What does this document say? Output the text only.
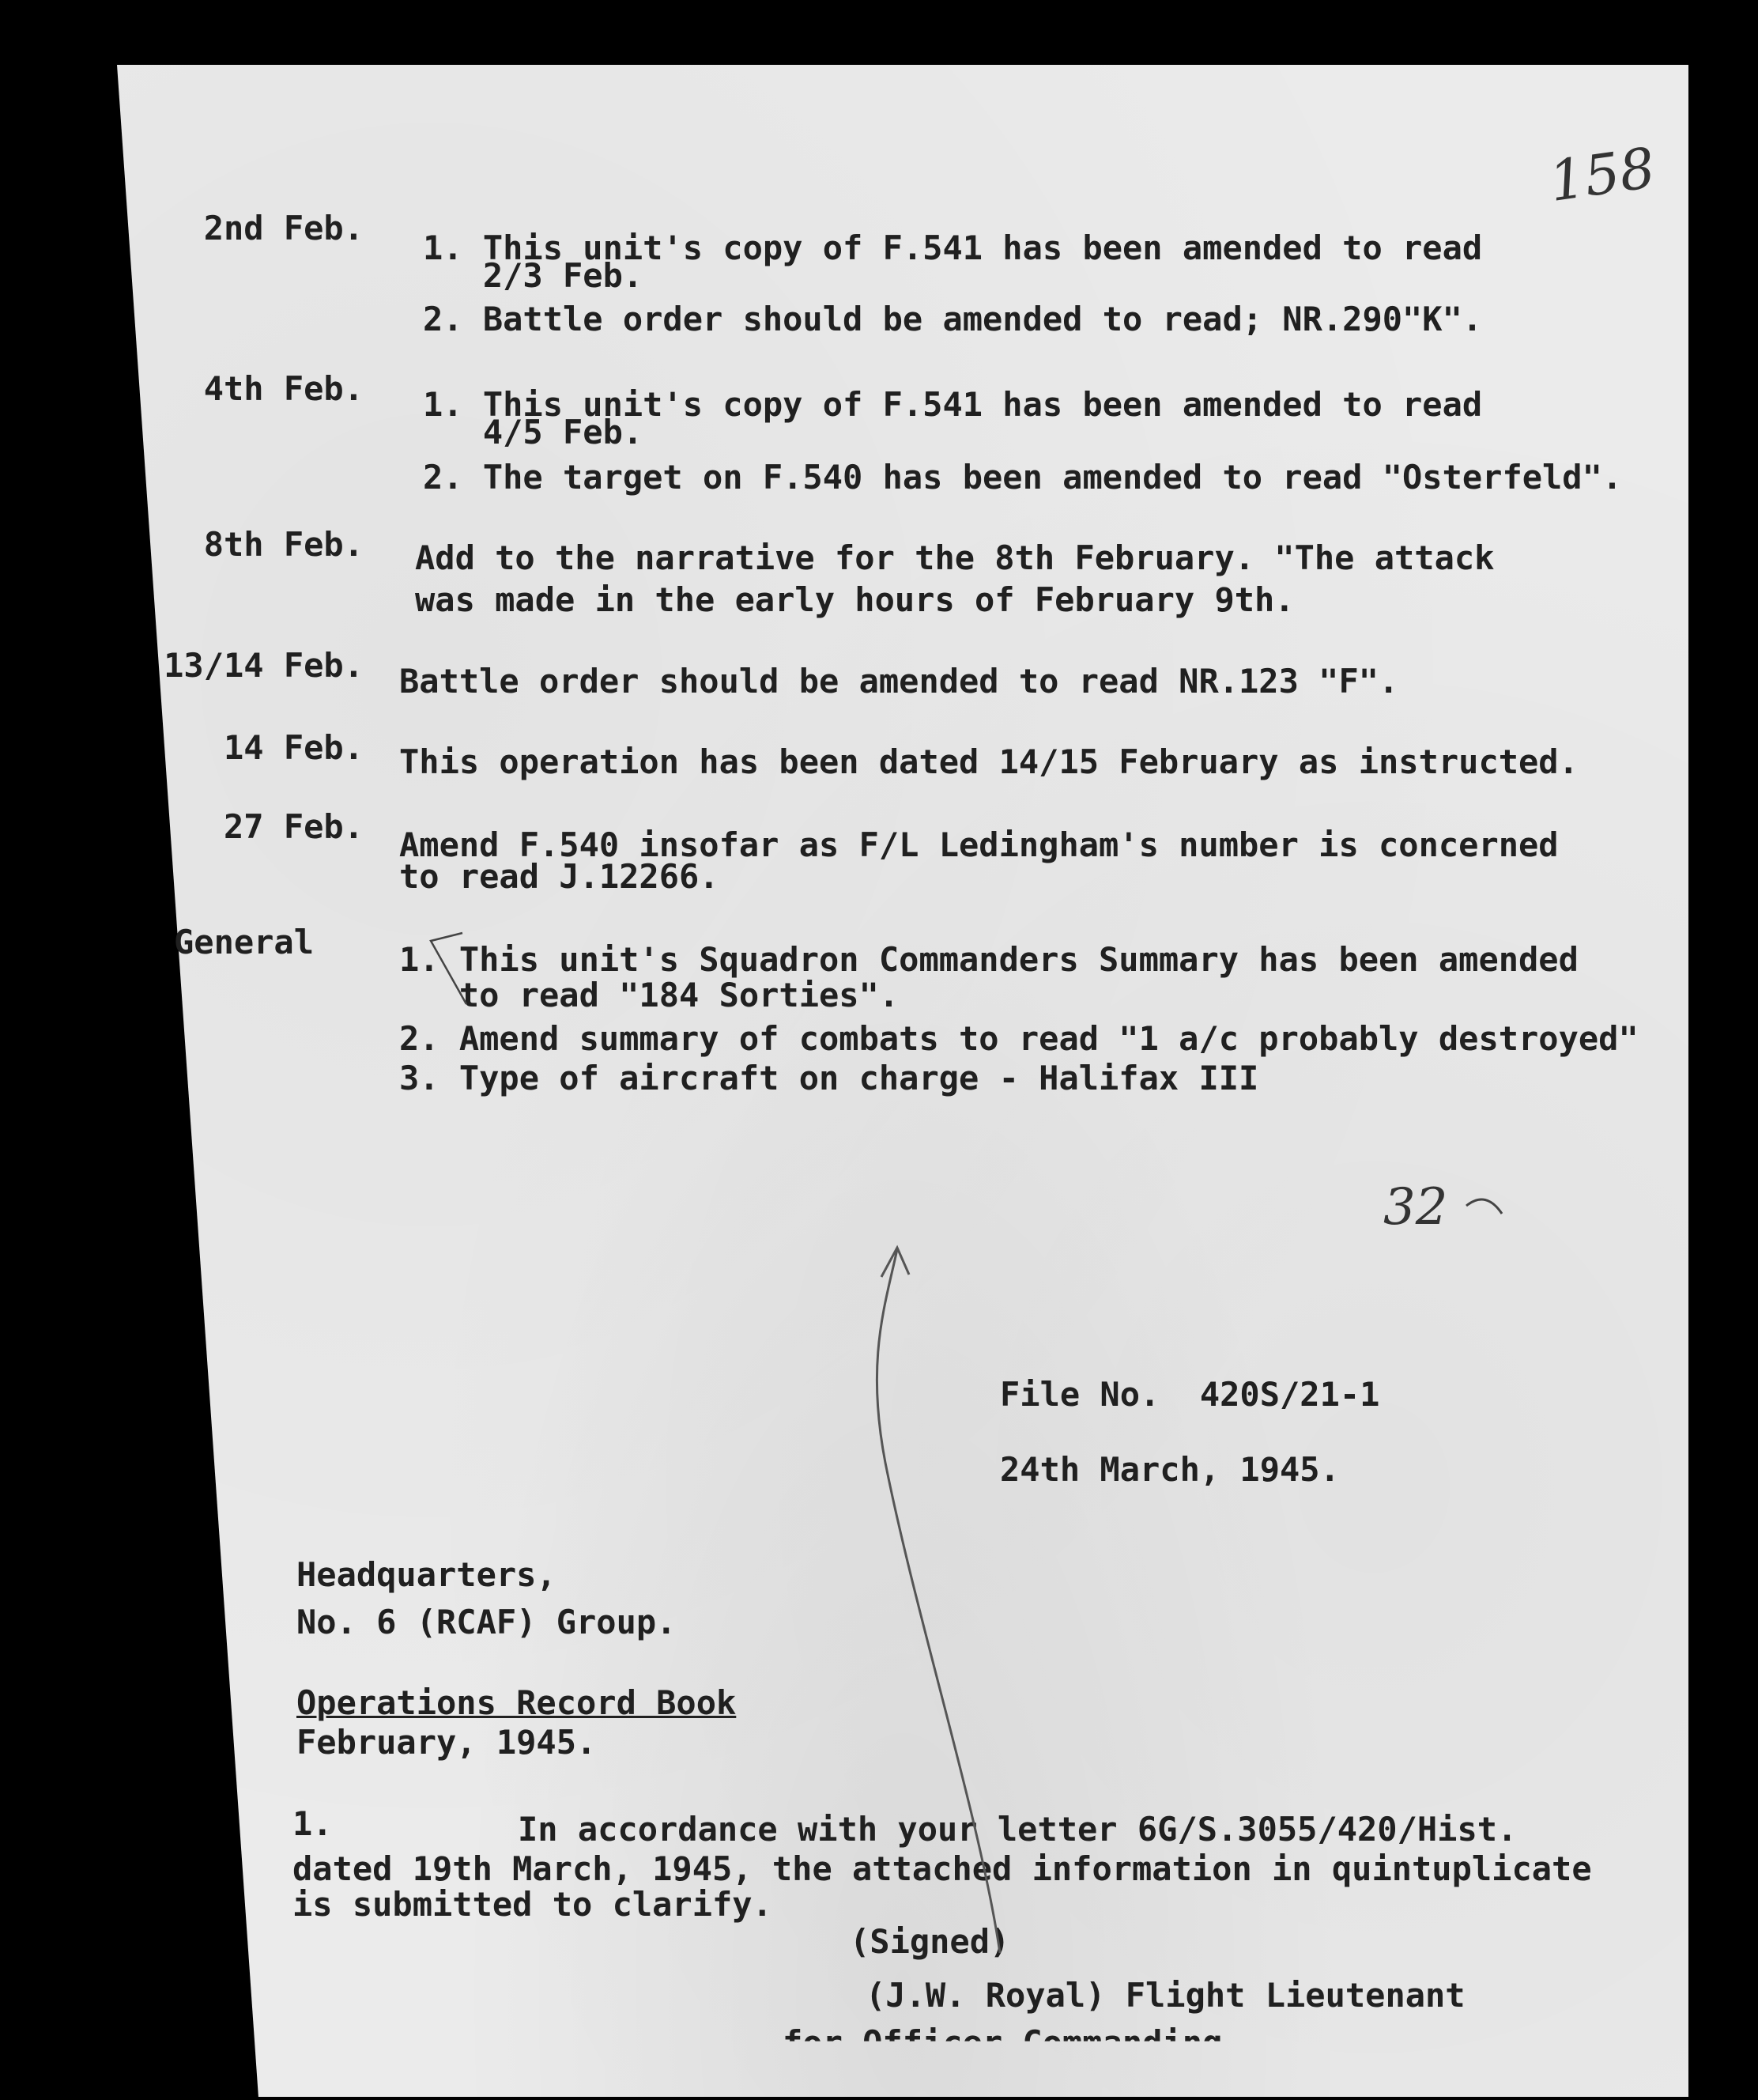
158
2nd Feb.
1. This unit's copy of F.541 has been amended to read
2/3 Feb.
2. Battle order should be amended to read; NR.290"K".
4th Feb. 1. This unit's copy of F.541 has been amended to read
4/5 Feb.
2. The target on F.540 has been amended to read "Osterfeld".
8th Feb. Add to the narrative for the 8th February. "The attack
was made in the early hours of February 9th.
13/14 Feb. Battle order should be amended to read NR.123 "F".
14 Feb. This operation has been dated 14/15 February as instructed.
27 Feb. Amend F.540 insofar as F/L Ledingham's number is concerned
to read J.12266.
General	1. This unit's Squadron Commanders Summary has been amended
to read "184 Sorties".
2. Amend summary of combats to read "1 a/c probably destroyed"
3. Type of aircraft on charge - Halifax III
32
File No.  420S/21-1
24th March, 1945.
Headquarters,
No. 6 (RCAF) Group.
Operations Record Book
February, 1945.
1.	In accordance with your letter 6G/S.3055/420/Hist.
dated 19th March, 1945, the attached information in quintuplicate
is submitted to clarify.
(Signed)
(J.W. Royal) Flight Lieutenant
